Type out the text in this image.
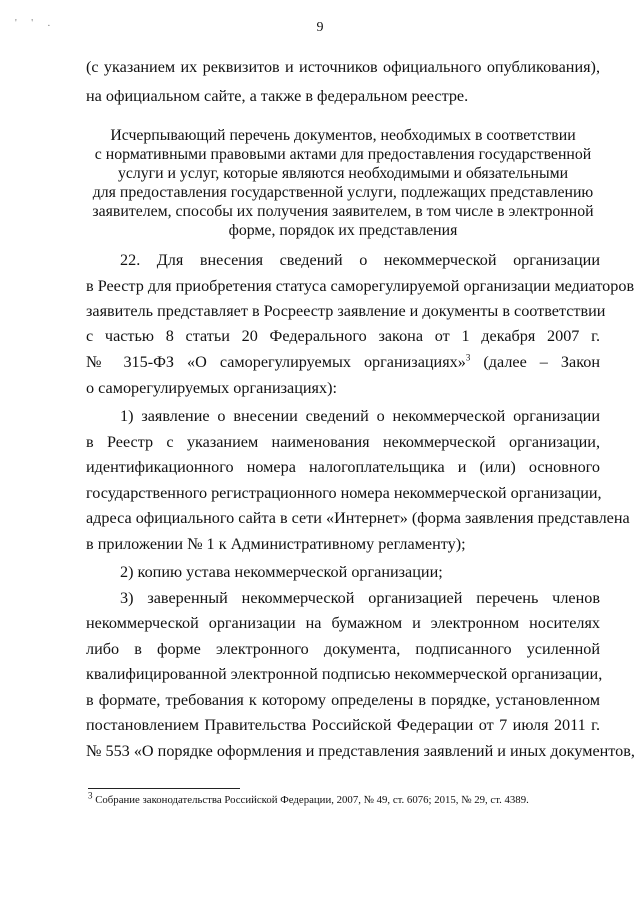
' ' .	9
(с указанием их реквизитов и источников официального опубликования),
на официальном сайте, а также в федеральном реестре.
Исчерпывающий перечень документов, необходимых в соответствии
с нормативными правовыми актами для предоставления государственной
услуги и услуг, которые являются необходимыми и обязательными
для предоставления государственной услуги, подлежащих представлению
заявителем, способы их получения заявителем, в том числе в электронной
форме, порядок их представления
22. Для внесения сведений о некоммерческой организации
в Реестр для приобретения статуса саморегулируемой организации медиаторов
заявитель представляет в Росреестр заявление и документы в соответствии
с частью 8 статьи 20 Федерального закона от 1 декабря 2007 г.
№ 315-ФЗ «О саморегулируемых организациях»$^3$ (далее – Закон
о саморегулируемых организациях):
1) заявление о внесении сведений о некоммерческой организации
в Реестр с указанием наименования некоммерческой организации,
идентификационного номера налогоплательщика и (или) основного
государственного регистрационного номера некоммерческой организации,
адреса официального сайта в сети «Интернет» (форма заявления представлена
в приложении № 1 к Административному регламенту);
2) копию устава некоммерческой организации;
3) заверенный некоммерческой организацией перечень членов
некоммерческой организации на бумажном и электронном носителях
либо в форме электронного документа, подписанного усиленной
квалифицированной электронной подписью некоммерческой организации,
в формате, требования к которому определены в порядке, установленном
постановлением Правительства Российской Федерации от 7 июля 2011 г.
№ 553 «О порядке оформления и представления заявлений и иных документов,
$^3$ Собрание законодательства Российской Федерации, 2007, № 49, ст. 6076; 2015, № 29, ст. 4389.
